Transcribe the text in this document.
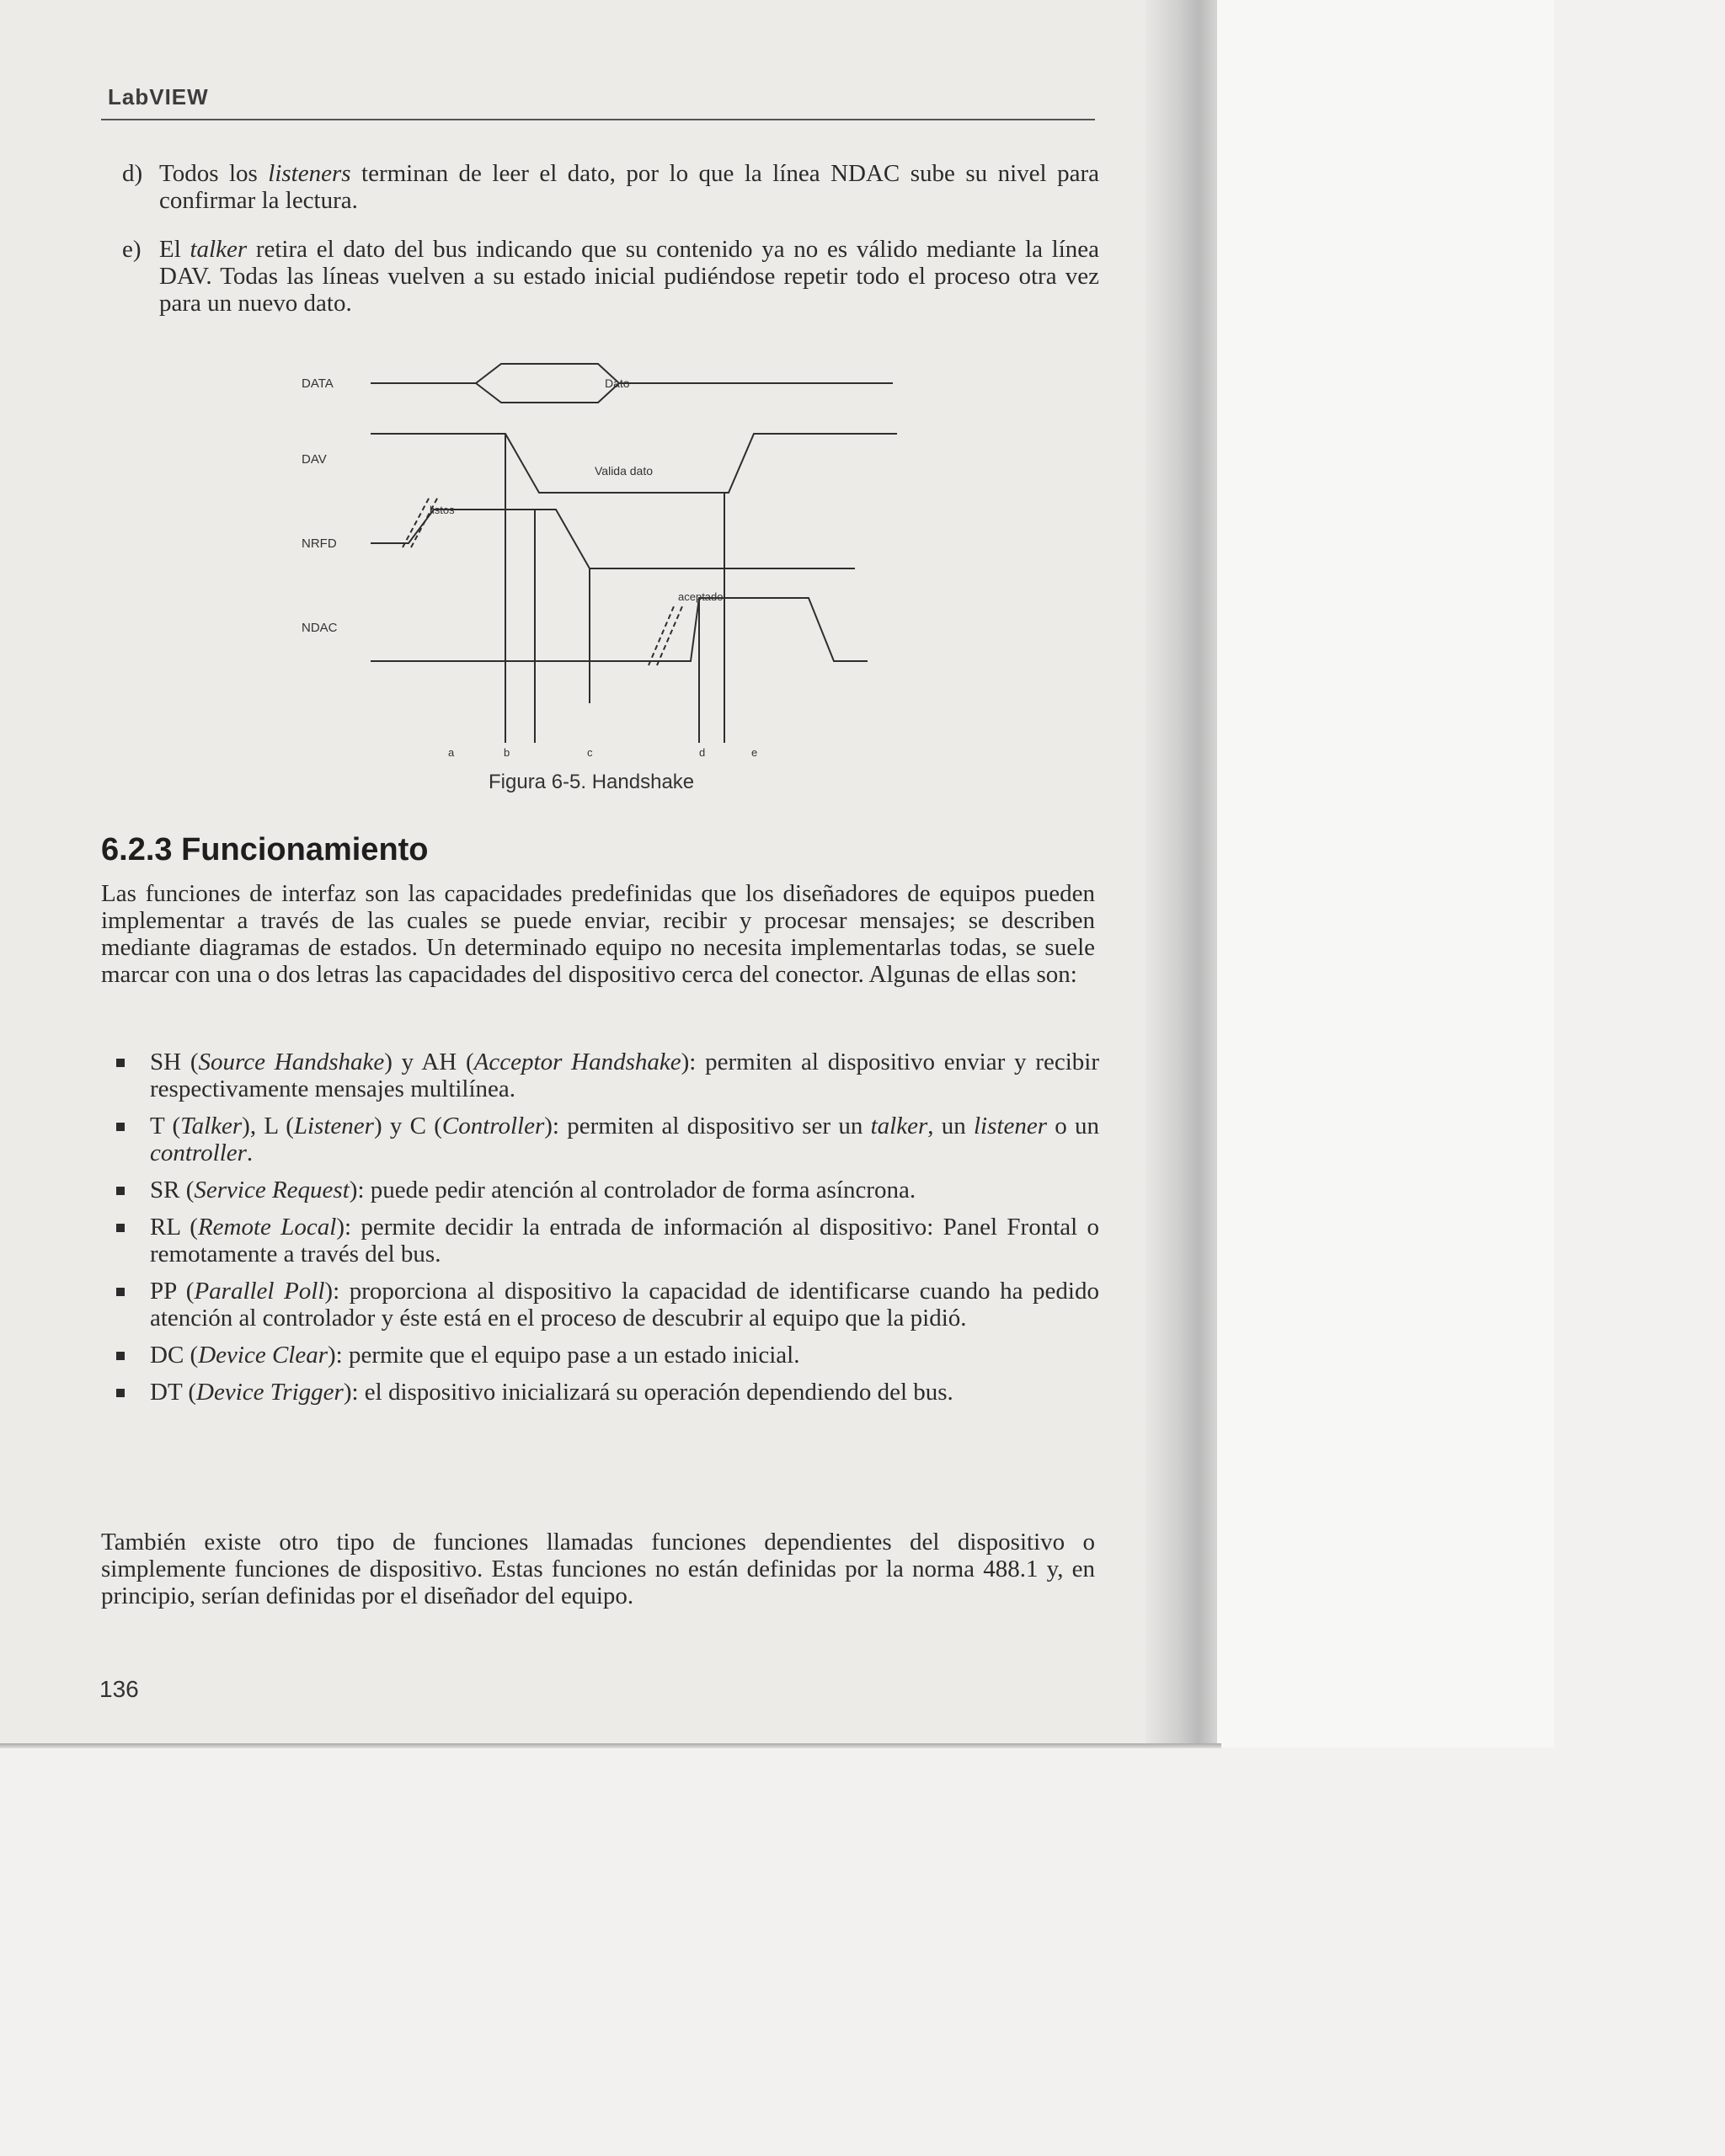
LabVIEW
d) Todos los listeners terminan de leer el dato, por lo que la línea NDAC sube su nivel para confirmar la lectura.
e) El talker retira el dato del bus indicando que su contenido ya no es válido mediante la línea DAV. Todas las líneas vuelven a su estado inicial pudiéndose repetir todo el proceso otra vez para un nuevo dato.
DATA
DAV
NRFD
NDAC
Dato
Valida dato
listos
aceptado
a	b	c	d	e
Figura 6-5. Handshake
6.2.3 Funcionamiento
Las funciones de interfaz son las capacidades predefinidas que los diseñadores de equipos pueden implementar a través de las cuales se puede enviar, recibir y procesar mensajes; se describen mediante diagramas de estados. Un determinado equipo no necesita implementarlas todas, se suele marcar con una o dos letras las capacidades del dispositivo cerca del conector. Algunas de ellas son:
SH (Source Handshake) y AH (Acceptor Handshake): permiten al dispositivo enviar y recibir respectivamente mensajes multilínea.
T (Talker), L (Listener) y C (Controller): permiten al dispositivo ser un talker, un listener o un controller.
SR (Service Request): puede pedir atención al controlador de forma asíncrona.
RL (Remote Local): permite decidir la entrada de información al dispositivo: Panel Frontal o remotamente a través del bus.
PP (Parallel Poll): proporciona al dispositivo la capacidad de identificarse cuando ha pedido atención al controlador y éste está en el proceso de descubrir al equipo que la pidió.
DC (Device Clear): permite que el equipo pase a un estado inicial.
DT (Device Trigger): el dispositivo inicializará su operación dependiendo del bus.
También existe otro tipo de funciones llamadas funciones dependientes del dispositivo o simplemente funciones de dispositivo. Estas funciones no están definidas por la norma 488.1 y, en principio, serían definidas por el diseñador del equipo.
136
